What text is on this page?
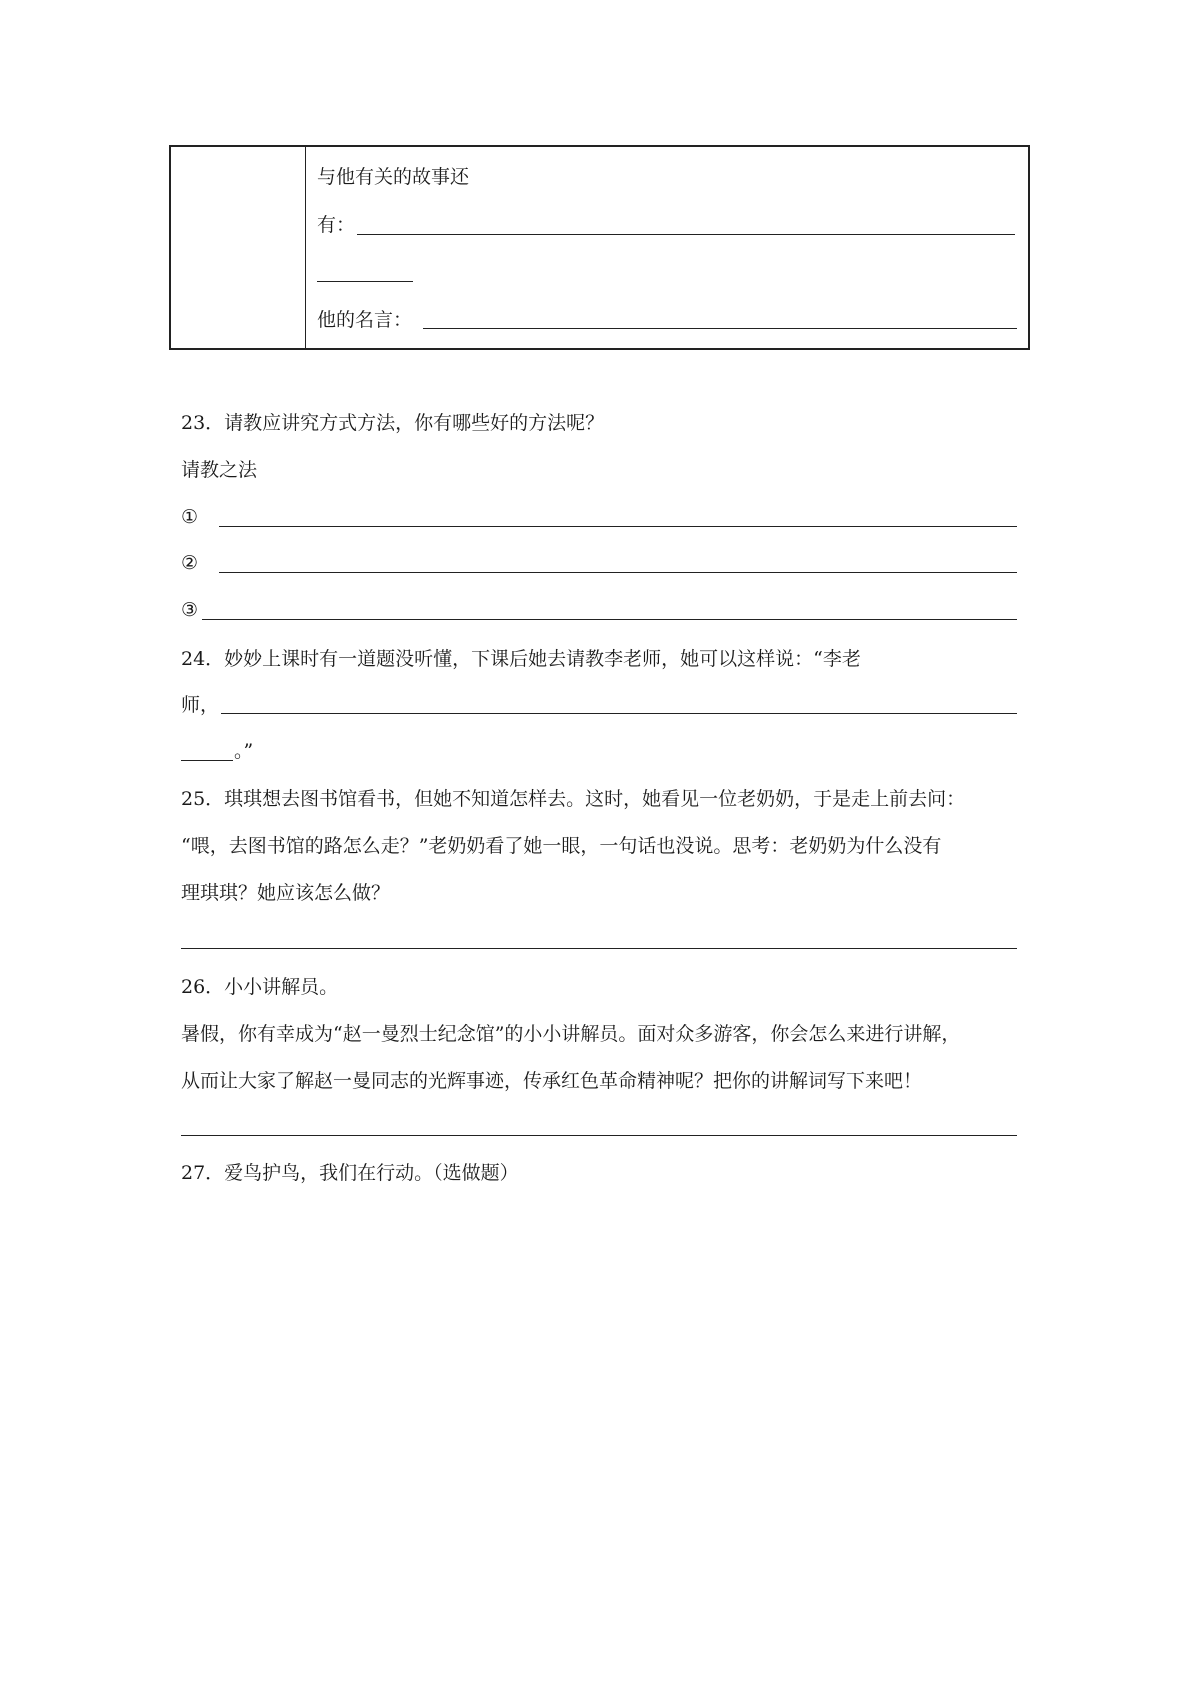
与他有关的故事还
有：
他的名言：
23．请教应讲究方式方法，你有哪些好的方法呢？
请教之法
①
②
③
24．妙妙上课时有一道题没听懂，下课后她去请教李老师，她可以这样说：“李老
师，
。”
25．琪琪想去图书馆看书，但她不知道怎样去。这时，她看见一位老奶奶，于是走上前去问：
“喂，去图书馆的路怎么走？”老奶奶看了她一眼，一句话也没说。思考：老奶奶为什么没有
理琪琪？她应该怎么做？
26．小小讲解员。
暑假，你有幸成为“赵一曼烈士纪念馆”的小小讲解员。面对众多游客，你会怎么来进行讲解，
从而让大家了解赵一曼同志的光辉事迹，传承红色革命精神呢？把你的讲解词写下来吧！
27．爱鸟护鸟，我们在行动。（选做题）
